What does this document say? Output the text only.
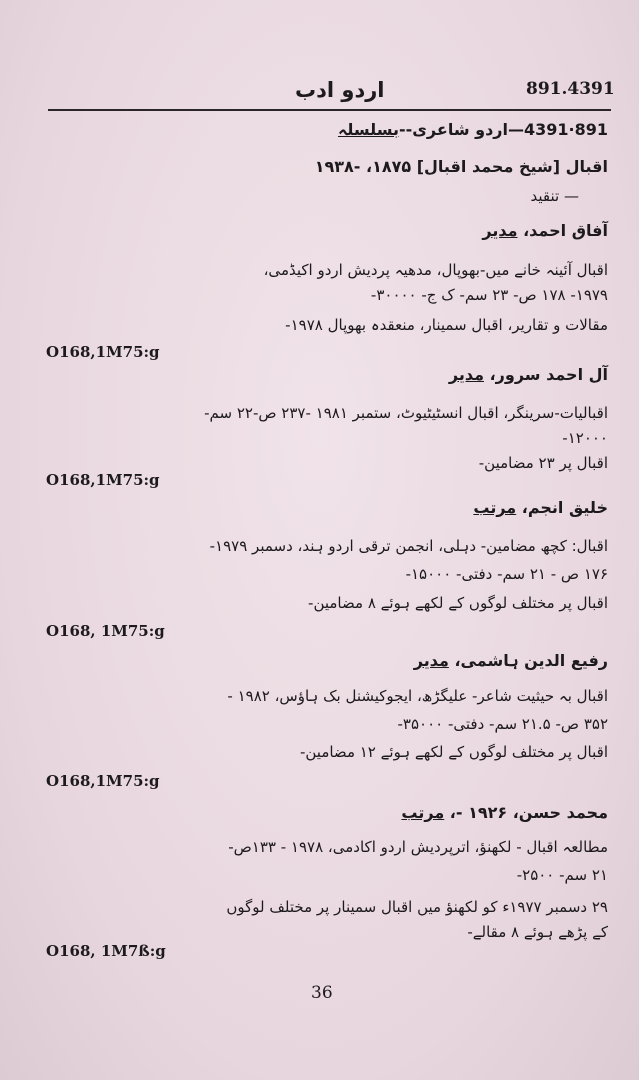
اردو ادب	891.4391
891·4391—اردو شاعری--بسلسلہ
اقبال [شیخ محمد اقبال] ۱۸۷۵، -۱۹۳۸
— تنقید
آفاق احمد، مدیر
اقبال آئینہ خانے میں-بھوپال، مدھیہ پردیش اردو اکیڈمی،
۱۹۷۹- ۱۷۸ ص- ۲۳ سم- ک ج- ۳۰۰۰۰-
مقالات و تقاریر، اقبال سمینار، منعقدہ بھوپال ۱۹۷۸-
O168,1M75:g
آل احمد سرور، مدیر
اقبالیات-سرینگر، اقبال انسٹیٹیوٹ، ستمبر ۱۹۸۱ -۲۳۷ ص-۲۲ سم-
۱۲۰۰۰-
اقبال پر ۲۳ مضامین-
O168,1M75:g
خلیق انجم، مرتب
اقبال: کچھ مضامین- دہلی، انجمن ترقی اردو ہند، دسمبر ۱۹۷۹-
۱۷۶ ص - ۲۱ سم- دفتی- ۱۵۰۰۰-
اقبال پر مختلف لوگوں کے لکھے ہوئے ۸ مضامین-
O168, 1M75:g
رفیع الدین ہاشمی، مدیر
اقبال بہ حیثیت شاعر- علیگڑھ، ایجوکیشنل بک ہاؤس، ۱۹۸۲ -
۳۵۲ ص- ۲۱.۵ سم- دفتی- ۳۵۰۰۰-
اقبال پر مختلف لوگوں کے لکھے ہوئے ۱۲ مضامین-
O168,1M75:g
محمد حسن، ۱۹۲۶ -، مرتب
مطالعہ اقبال - لکھنؤ، اترپردیش اردو اکادمی، ۱۹۷۸ - ۱۳۳ص-
۲۱ سم- ۲۵۰۰-
۲۹ دسمبر ۱۹۷۷ء کو لکھنؤ میں اقبال سمینار پر مختلف لوگوں
کے پڑھے ہوئے ۸ مقالے-
O168, 1M7ß:g
36
